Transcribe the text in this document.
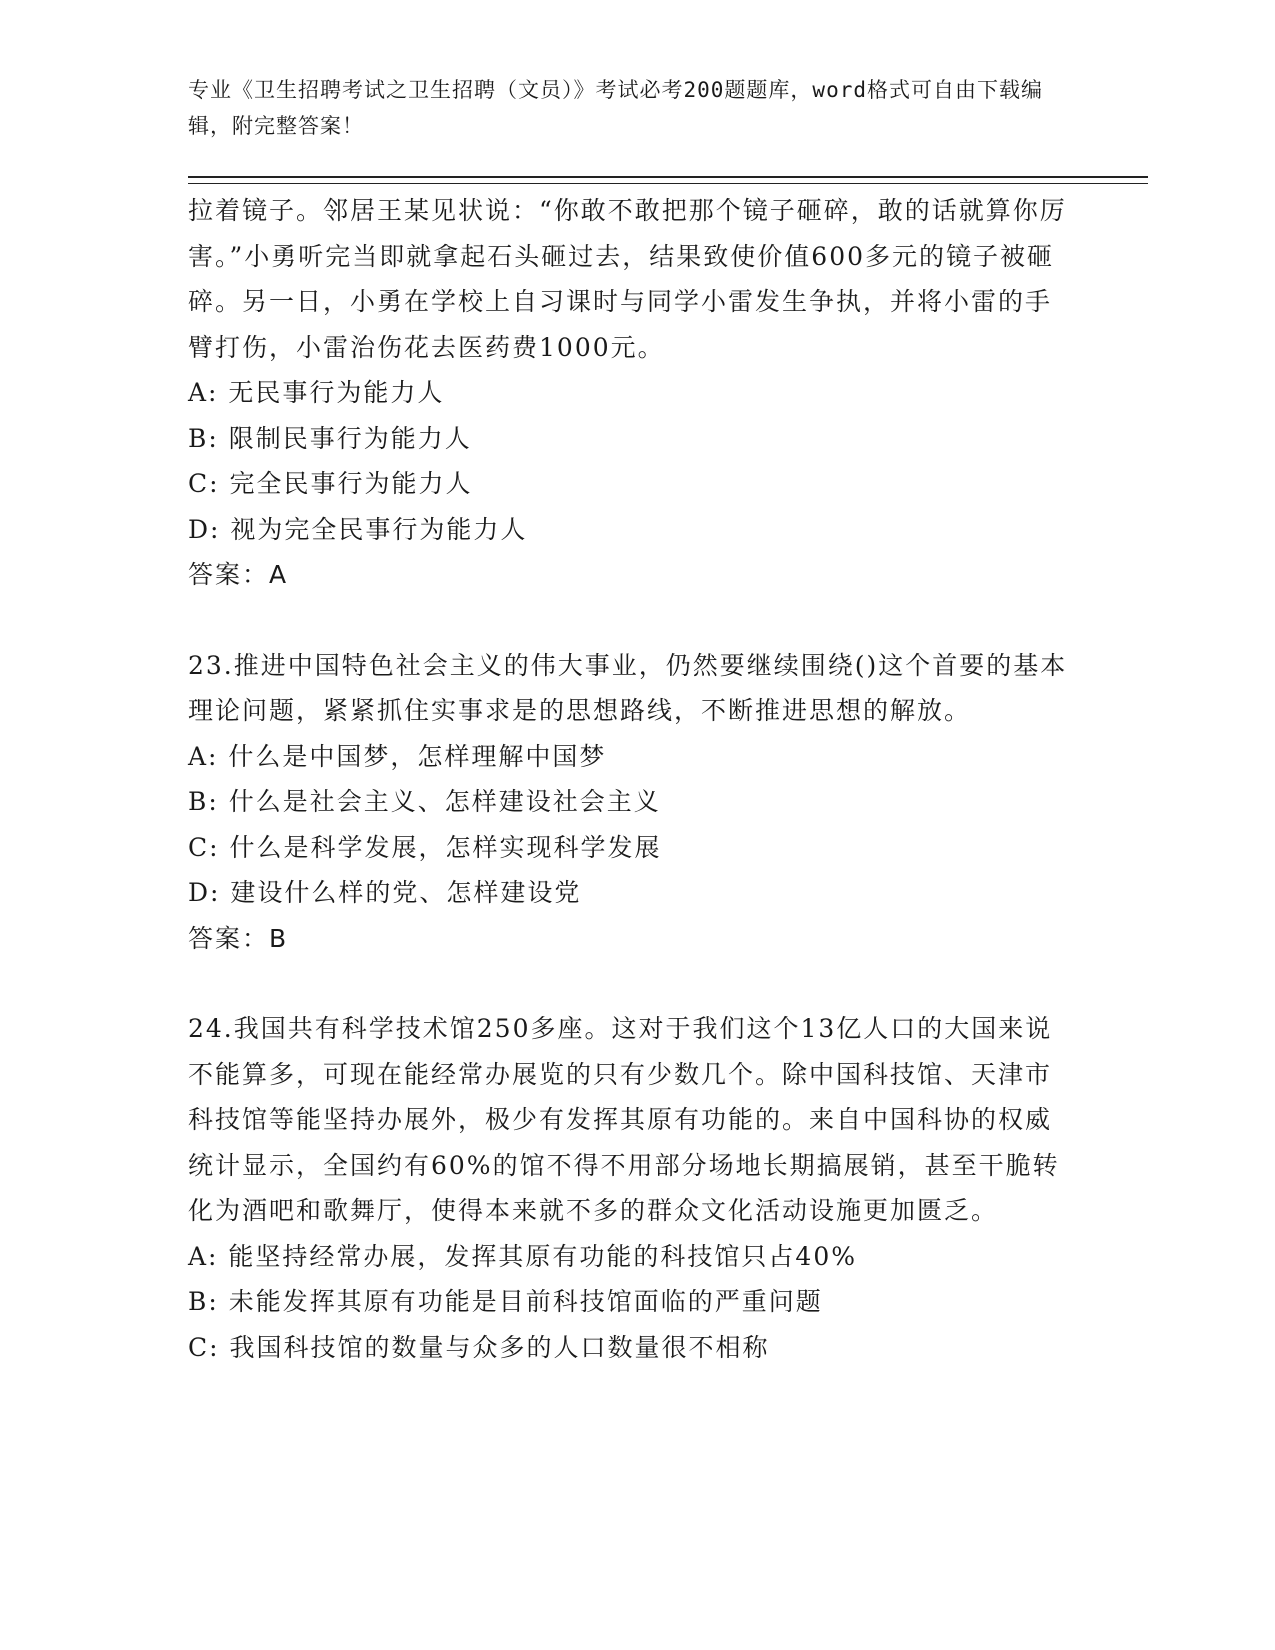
专业《卫生招聘考试之卫生招聘（文员）》考试必考200题题库，word格式可自由下载编辑，附完整答案！

拉着镜子。邻居王某见状说：“你敢不敢把那个镜子砸碎，敢的话就算你厉害。”小勇听完当即就拿起石头砸过去，结果致使价值600多元的镜子被砸碎。另一日，小勇在学校上自习课时与同学小雷发生争执，并将小雷的手臂打伤，小雷治伤花去医药费1000元。

A: 无民事行为能力人

B: 限制民事行为能力人

C: 完全民事行为能力人

D: 视为完全民事行为能力人

答案：A

23.推进中国特色社会主义的伟大事业，仍然要继续围绕()这个首要的基本理论问题，紧紧抓住实事求是的思想路线，不断推进思想的解放。

A: 什么是中国梦，怎样理解中国梦

B: 什么是社会主义、怎样建设社会主义

C: 什么是科学发展，怎样实现科学发展

D: 建设什么样的党、怎样建设党

答案：B

24.我国共有科学技术馆250多座。这对于我们这个13亿人口的大国来说不能算多，可现在能经常办展览的只有少数几个。除中国科技馆、天津市科技馆等能坚持办展外，极少有发挥其原有功能的。来自中国科协的权威统计显示，全国约有60%的馆不得不用部分场地长期搞展销，甚至干脆转化为酒吧和歌舞厅，使得本来就不多的群众文化活动设施更加匮乏。

A: 能坚持经常办展，发挥其原有功能的科技馆只占40%

B: 未能发挥其原有功能是目前科技馆面临的严重问题

C: 我国科技馆的数量与众多的人口数量很不相称
